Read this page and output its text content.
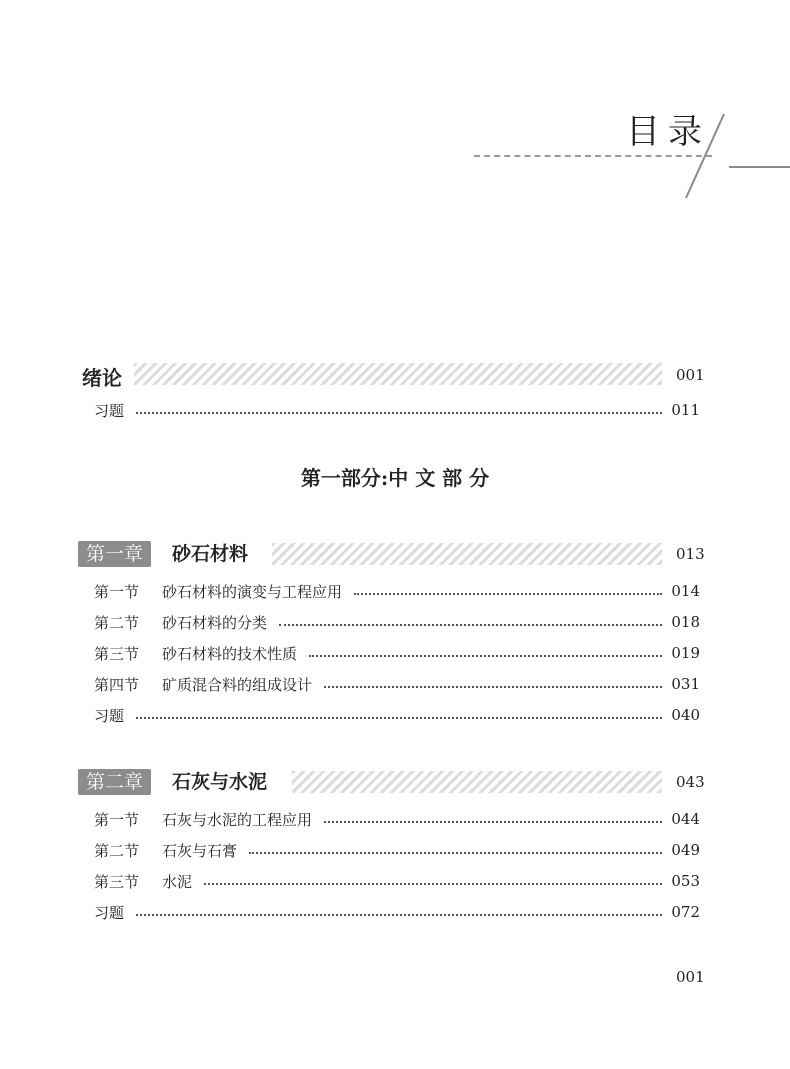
目录
绪论	001
习题	011
第一部分:中 文 部 分
第一章	砂石材料	013
第一节	砂石材料的演变与工程应用	014
第二节	砂石材料的分类	018
第三节	砂石材料的技术性质	019
第四节	矿质混合料的组成设计	031
习题	040
第二章	石灰与水泥	043
第一节	石灰与水泥的工程应用	044
第二节	石灰与石膏	049
第三节	水泥	053
习题	072
001
